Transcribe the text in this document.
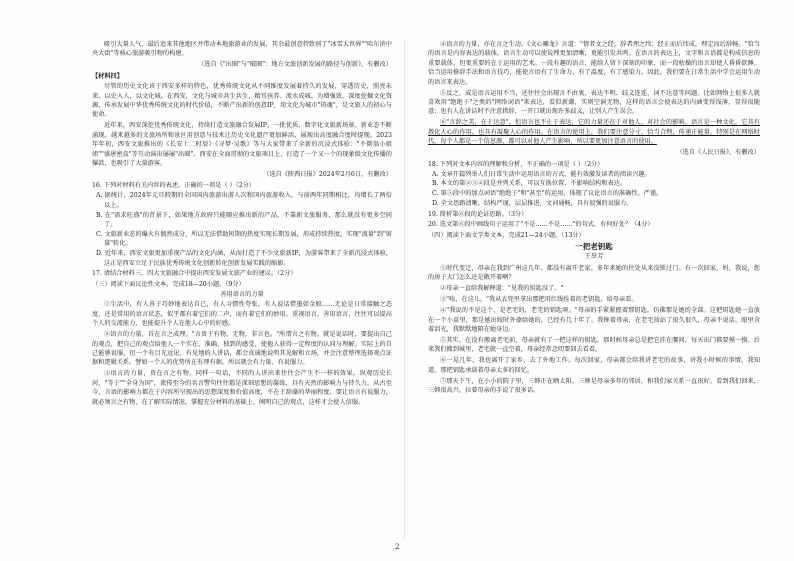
吸引大量人气，最后追来其他地区并带动本地旅游业的发展，其余最创意特致则了"冰雪大世界""哈尔滨中央大街"等核心旅游吸引物的构建。

（选自《"出圈"与"破圈"：地方文旅创新发展的路径与创新》，有删改）

【材料四】

尽管的历史文化该于西安多样的特色，优秀传统文化从不同维度发展着持久的发展，穿透历史，照亮未来。以史入人，以文化城。在西安，文化与城市共生共生，精耳孩养、流水成城。为增强效，深度挖掘文化资源，传承发展中华优秀传统文化的时代价值，不断产出新的创意IP，用文化为城市"铸魂"，是文旅人的初心与使命。

近年来，西安深挖优秀传统文化，持续打造文旅融合发展IP，一批优质、数字化文旅新场景、新业态不断涌现。越来越多的文旅场所和景区用创意与技术让历史文化遗产更加鲜活，展现出高度融合度时提现。2023年年初，西安文旅推出的《长安十二时辰》《寻梦·吴歌》等与大家带来了全新的沉浸式体验："不倒翁小姐姐""盛唐密盒"等互动演出屡屡"出圈"。西安在全面贯彻的文旅项目上，打造了一个又一个的现象级文化传播的爆款，也吸引了大量游客。

（选自《陕西日报》2024年2月6日，有删改）

16. 下列对材料有关内容的表述，正确的一项是（ ）（2分）

A. 据统计，2024年元旦假期的全国国内旅游出游人次和国内旅游收入，与前两年同期相比，均增长了两倍以上。

B. 在"需求旺盛"的背景下，如果地方政府只能顺应推出新的产品，不靠新文旅服务，那么就没有更多空间了。

C. 文旅新业态的爆火有偶然成分，所以无法借助短期的热度实现长期发展，形成持续热度，实现"流量"到"留量"转化。

D. 近年来，西安文旅更加重视产品的文化内涵，从而打造了不少文旅新IP，为游客带来了全新沉浸式体验，这正是西安立足于民族优秀传统文化创新转化创新发展实践的缩影。

17. 请结合材料三、四大文旅融合中提出西安发展文旅产业的建议。（2分）

（三）阅读下面议论性文本，完成18—20小题。（9分）

善用语言的力量

①生活中，有人善于巧妙地表达自己，有人习惯性夸张，有人说话惜墨如金般……无论是日常接触之态度，还是常用的语言状态，似乎都有着它们的二声，而有着它们的妙用。重视语言，善用语言，往往可以提高个人的交流能力，也能提升个人在他人心中的好感。

②语言的力量，首在言之成理。"言贵于有物，无物，非言也。"所谓言之有物，就是说话时，要提出自己的观点，把自己的观点给他人一个实在、准确、独到的感受，使他人获得一定程度的认同与理解。实际上的自己能够说服，但一个有目光远见、有见地的人讲话，都会真诚地说明其见解和立场，并会注意整理选择观点证据和逻辑关系。譬如一个人的优势所在有理有据，所以就会有力量、有说服力。

③语言的力量，贵在言之有物。同样一句话，不同的人讲出来往往会产生不一样的效果。纵观历史长河，"等于""全身为国"，流传至今的名言警句往往都是深刻思想的凝练，具有天然的影响力与持久力。从古至今，言语的影响力都在于内容所呈现出的思想深度和价值高度，不在于辞藻的华丽程度。要让语言有说服力，就必须言之有物，在了解实际情况、掌握充分材料的基础上，阐明自己的观点，这样才会使人信服。

④语言的力量，亦在言之生动。《文心雕龙》言道："情者文之经，辞者理之纬；经正而后纬成，理定而后辞畅。"恰当的语言是内容表达的载体，语言生动可以使说理更加清晰，更能引发共鸣。在语言的表达上，文字和言语都是构成信息的重要载体，但更重要的在于运用的艺术。一段有趣的语言，能给人留下深刻的印象，而一段枯燥的语言却使人昏昏欲睡。恰当运用修辞手法和语言技巧，能使言语有了生命力，有了温度，有了感染力。因此，我们要在日常生活中学会运用生动的语言来表达。

⑤反之，或是语言运用不当，还往往会出现言不由衷、表达不明、歧义连连、词不达意等问题。比如网络上很多人就喜欢用"绝绝子"之类的"网络词语"来表达，看似新潮，实则空洞无物，这样的语言会使表达的内涵变得浅薄，显得很随意；也有人在讲话时不注意措辞，一开口就出现许多歧义，让别人产生误会。

⑥"言辞之美，在于达意"，但语言也不止于表达，它的力量还在于对他人、对社会的影响。语言是一种文化，它具有教化人心的作用，也具有凝聚人心的作用。在语言的使用上，我们要注意分寸，恰当合理，传递正能量。特别是在网络时代，每个人都是一个信息源，都可以对他人产生影响，所以要更加注意语言的使用。

（选自《人民日报》，有删改）

18. 下列对文本内容的理解和分析，不正确的一项是（ ）（2分）

A. 文章开篇列举人们日常生活中运用语言的方式，能有效激发读者的阅读兴趣。

B. 本文的第②③④段是并列关系，可以互换位置，不影响结构和表达。

C. 第⑤段中的加点词语"绝绝子"和"甚至"的运用，体现了议论语言的准确性、严谨。

D. 全文思路清晰，结构严谨，层层推进，文词通畅，具有很强的说服力。

19. 简析第⑥段的论证思路。（3分）

20. 选文第⑥段中画线句子运用了"不是……不是……"的句式，有何好处？（4分）

（四）阅读下面文学类文本，完成21—24小题。（13分）

一把老钥匙

王举芳

①时代变迁，母亲在我到广州这几年，都没有离开老家。多年来她的住处从来没锁过门。有一次回家，妈，我说，您的房子大门怎么还是敞开着啊？

②母亲一直给我解释道："见我的钥匙没了。"

③"唉，在这儿，"我从衣兜里拿出那把用红线拴着的老钥匙，给母亲看。

④"我说的不是这个，是老宅的，老宅的钥匙呀。"母亲的手紧紧握着那钥匙，仿佛那是她的全部。这把钥匙她一直放在一个小盒里，那是她出嫁时外婆给她的，已经有几十年了。我搀着母亲，在老宅前站了很久很久，母亲不说话，眼里含着泪光，我默默地陪在她身边。

⑤其实，在没有搬离老宅前，母亲就有了一把这样的钥匙。那时候母亲总是把它挂在腰间，每天出门都要摸一摸。后来我们搬到城里，老宅就一直空着，母亲经常念叨要回去看看。

⑥一晃几年，我也离开了家乡，去了外地工作。每次回家，母亲都会给我讲老宅的故事，讲我小时候的事情。我知道，那把钥匙承载着母亲太多的回忆。

⑦那天下午，在小小的院子里，三婶正在晒太阳。三婶是母亲多年的邻居，和我们家关系一直很好。看到我们回来，三婶很高兴，拉着母亲的手说了很多话。

2
